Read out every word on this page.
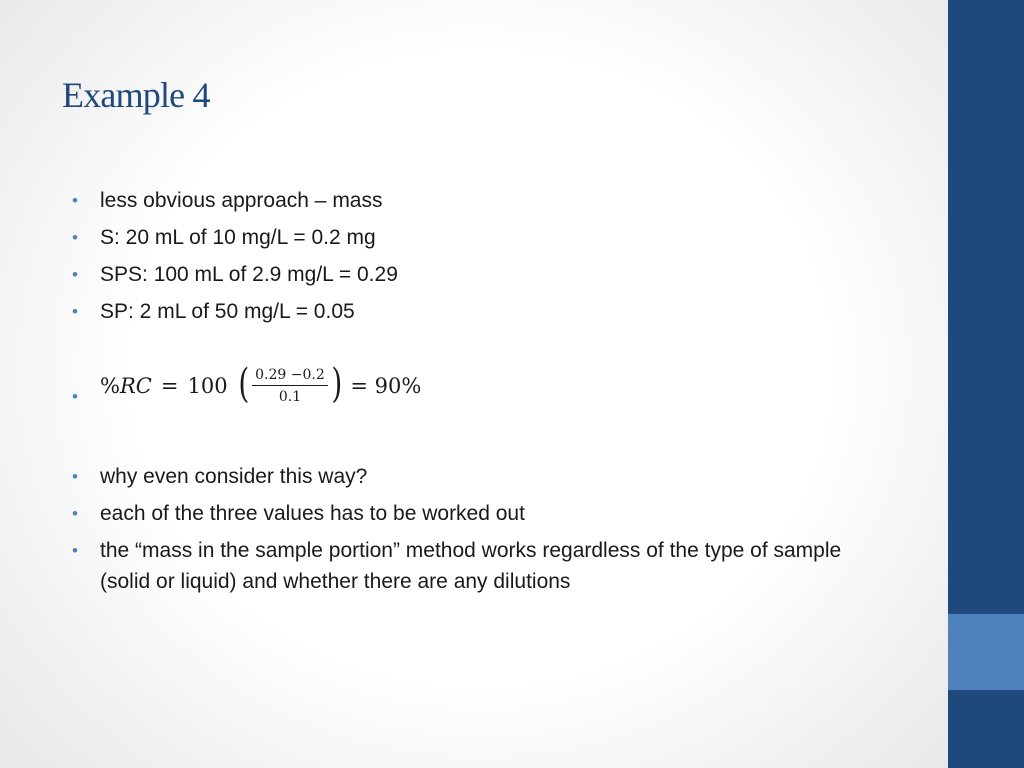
Example 4
• less obvious approach – mass
• S: 20 mL of 10 mg/L = 0.2 mg
• SPS: 100 mL of 2.9 mg/L = 0.29
• SP: 2 mL of 50 mg/L = 0.05
• % RC = 100 ( $\frac{0.29 -0.2}{0.1}$ ) = 90%
• why even consider this way?
• each of the three values has to be worked out
• the “mass in the sample portion” method works regardless of the type of sample (solid or liquid) and whether there are any dilutions
